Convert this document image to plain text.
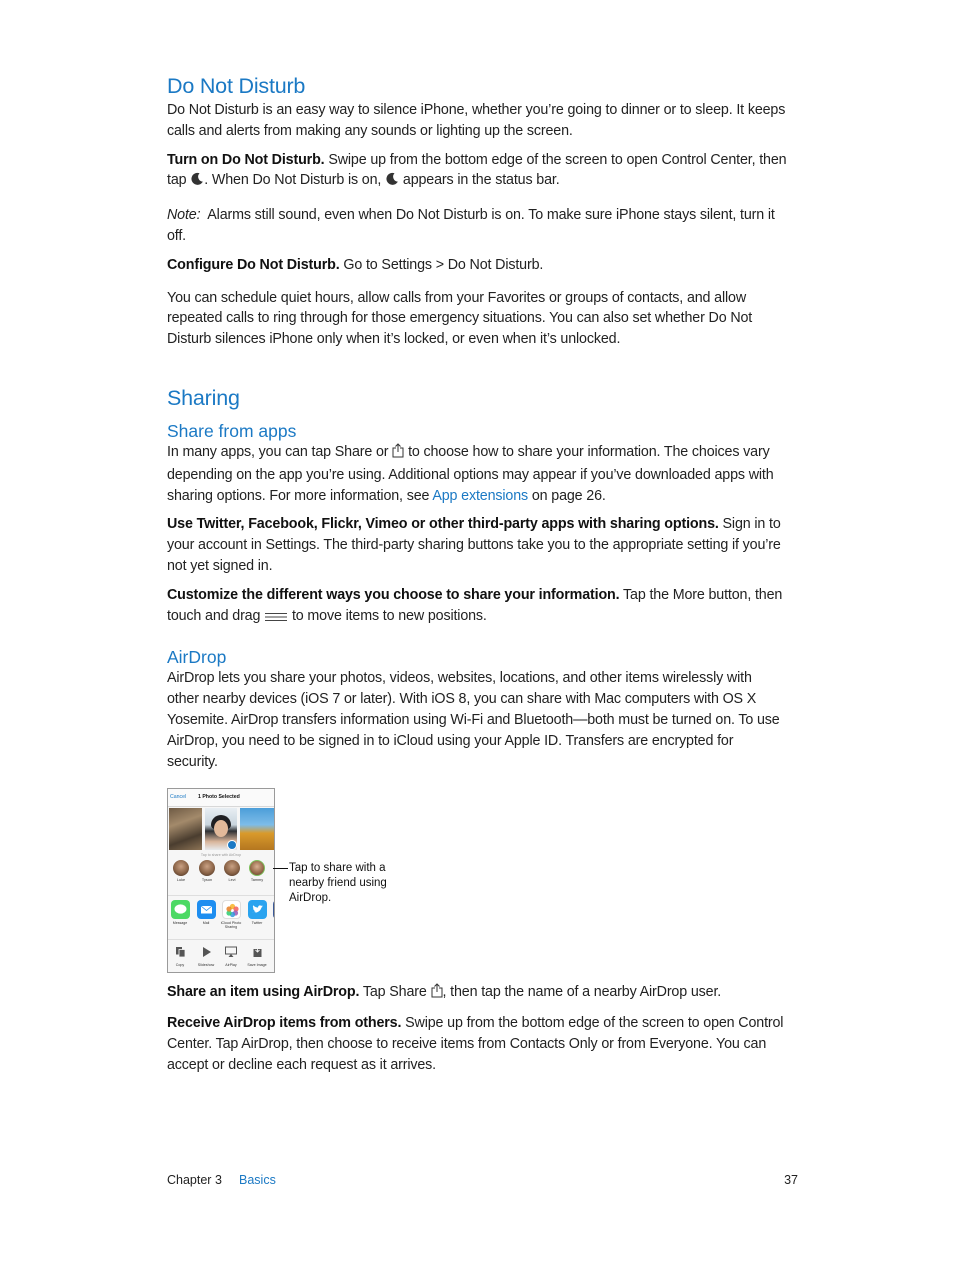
Do Not Disturb

Do Not Disturb is an easy way to silence iPhone, whether you’re going to dinner or to sleep. It keeps calls and alerts from making any sounds or lighting up the screen.

Turn on Do Not Disturb. Swipe up from the bottom edge of the screen to open Control Center, then tap . When Do Not Disturb is on, appears in the status bar.

Note: Alarms still sound, even when Do Not Disturb is on. To make sure iPhone stays silent, turn it off.

Configure Do Not Disturb. Go to Settings > Do Not Disturb.

You can schedule quiet hours, allow calls from your Favorites or groups of contacts, and allow repeated calls to ring through for those emergency situations. You can also set whether Do Not Disturb silences iPhone only when it’s locked, or even when it’s unlocked.

Sharing
Share from apps

In many apps, you can tap Share or to choose how to share your information. The choices vary depending on the app you’re using. Additional options may appear if you’ve downloaded apps with sharing options. For more information, see App extensions on page 26.

Use Twitter, Facebook, Flickr, Vimeo or other third-party apps with sharing options. Sign in to your account in Settings. The third-party sharing buttons take you to the appropriate setting if you’re not yet signed in.

Customize the different ways you choose to share your information. Tap the More button, then touch and drag to move items to new positions.

AirDrop

AirDrop lets you share your photos, videos, websites, locations, and other items wirelessly with other nearby devices (iOS 7 or later). With iOS 8, you can share with Mac computers with OS X Yosemite. AirDrop transfers information using Wi-Fi and Bluetooth—both must be turned on. To use AirDrop, you need to be signed in to iCloud using your Apple ID. Transfers are encrypted for security.

Cancel 1 Photo Selected
Tap to share with AirDrop
Luke	Tyson	Levi	Tammy
Message	Mail	iCloud Photo Sharing
Twitter
Copy	Slideshow	AirPlay	Save Image
Tap to share with a nearby friend using AirDrop.

Share an item using AirDrop. Tap Share , then tap the name of a nearby AirDrop user.

Receive AirDrop items from others. Swipe up from the bottom edge of the screen to open Control Center. Tap AirDrop, then choose to receive items from Contacts Only or from Everyone. You can accept or decline each request as it arrives.

Chapter 3 Basics	37
